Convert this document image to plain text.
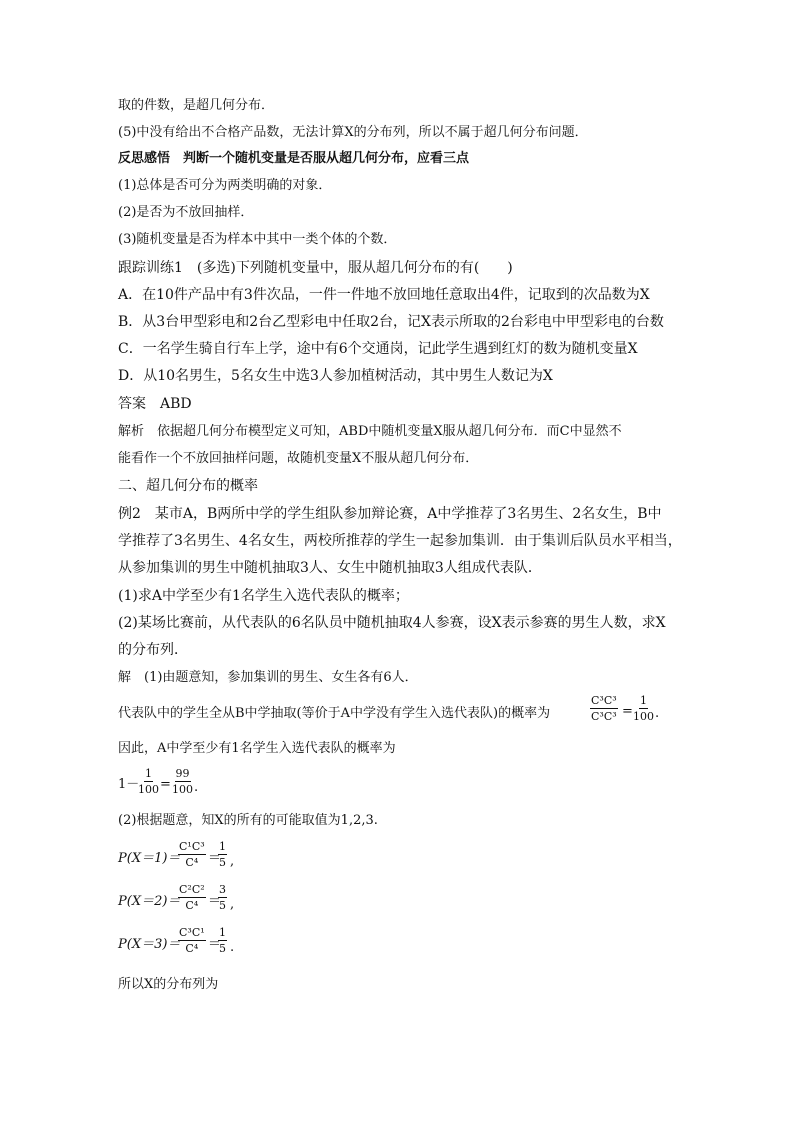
取的件数，是超几何分布．
(5)中没有给出不合格产品数，无法计算X的分布列，所以不属于超几何分布问题．
反思感悟　判断一个随机变量是否服从超几何分布，应看三点
(1)总体是否可分为两类明确的对象．
(2)是否为不放回抽样．
(3)随机变量是否为样本中其中一类个体的个数．
跟踪训练1　(多选)下列随机变量中，服从超几何分布的有(　　)
A．在10件产品中有3件次品，一件一件地不放回地任意取出4件，记取到的次品数为X
B．从3台甲型彩电和2台乙型彩电中任取2台，记X表示所取的2台彩电中甲型彩电的台数
C．一名学生骑自行车上学，途中有6个交通岗，记此学生遇到红灯的数为随机变量X
D．从10名男生，5名女生中选3人参加植树活动，其中男生人数记为X
答案　ABD
解析　依据超几何分布模型定义可知，ABD中随机变量X服从超几何分布．而C中显然不
能看作一个不放回抽样问题，故随机变量X不服从超几何分布．
二、超几何分布的概率
例2　某市A，B两所中学的学生组队参加辩论赛，A中学推荐了3名男生、2名女生，B中
学推荐了3名男生、4名女生，两校所推荐的学生一起参加集训．由于集训后队员水平相当，
从参加集训的男生中随机抽取3人、女生中随机抽取3人组成代表队．
(1)求A中学至少有1名学生入选代表队的概率；
(2)某场比赛前，从代表队的6名队员中随机抽取4人参赛，设X表示参赛的男生人数，求X
的分布列．
解　(1)由题意知，参加集训的男生、女生各有6人．
代表队中的学生全从B中学抽取(等价于A中学没有学生入选代表队)的概率为	$\frac{\text{C³C³}}{\text{C³C³}} = \frac{1}{100}$ .
因此，A中学至少有1名学生入选代表队的概率为
1－
$\frac{1}{100} = \frac{99}{100}$ .
(2)根据题意，知X的所有的可能取值为1,2,3.
P(X＝1)＝
$\frac{\text{C¹C³}}{\text{C⁴}}$ ＝
$\frac{1}{5}$ ,
P(X＝2)＝
$\frac{\text{C²C²}}{\text{C⁴}}$ ＝
$\frac{3}{5}$ ,
P(X＝3)＝
$\frac{\text{C³C¹}}{\text{C⁴}}$ ＝
$\frac{1}{5}$ .
所以X的分布列为
